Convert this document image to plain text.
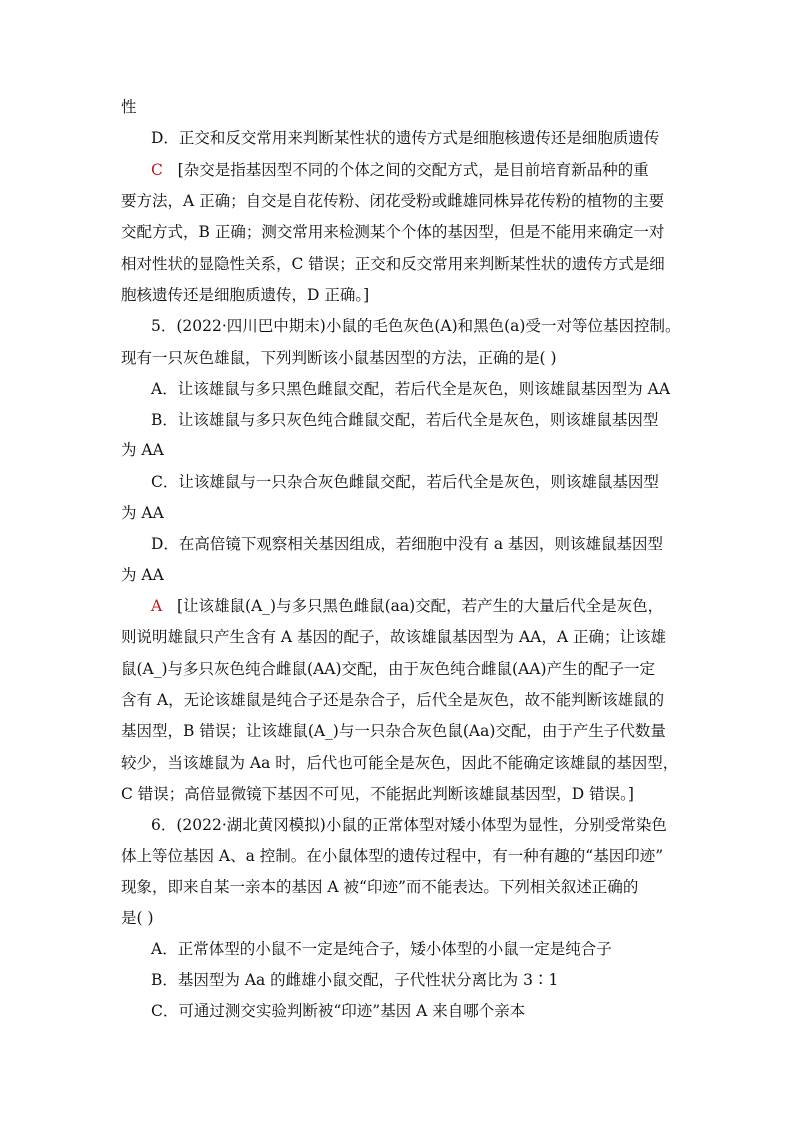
性
D．正交和反交常用来判断某性状的遗传方式是细胞核遗传还是细胞质遗传
C [杂交是指基因型不同的个体之间的交配方式，是目前培育新品种的重
要方法，A 正确；自交是自花传粉、闭花受粉或雌雄同株异花传粉的植物的主要
交配方式，B 正确；测交常用来检测某个个体的基因型，但是不能用来确定一对
相对性状的显隐性关系，C 错误；正交和反交常用来判断某性状的遗传方式是细
胞核遗传还是细胞质遗传，D 正确。]
5．(2022·四川巴中期末)小鼠的毛色灰色(A)和黑色(a)受一对等位基因控制。
现有一只灰色雄鼠，下列判断该小鼠基因型的方法，正确的是( )
A．让该雄鼠与多只黑色雌鼠交配，若后代全是灰色，则该雄鼠基因型为 AA
B．让该雄鼠与多只灰色纯合雌鼠交配，若后代全是灰色，则该雄鼠基因型
为 AA
C．让该雄鼠与一只杂合灰色雌鼠交配，若后代全是灰色，则该雄鼠基因型
为 AA
D．在高倍镜下观察相关基因组成，若细胞中没有 a 基因，则该雄鼠基因型
为 AA
A [让该雄鼠(A_)与多只黑色雌鼠(aa)交配，若产生的大量后代全是灰色，
则说明雄鼠只产生含有 A 基因的配子，故该雄鼠基因型为 AA，A 正确；让该雄
鼠(A_)与多只灰色纯合雌鼠(AA)交配，由于灰色纯合雌鼠(AA)产生的配子一定
含有 A，无论该雄鼠是纯合子还是杂合子，后代全是灰色，故不能判断该雄鼠的
基因型，B 错误；让该雄鼠(A_)与一只杂合灰色鼠(Aa)交配，由于产生子代数量
较少，当该雄鼠为 Aa 时，后代也可能全是灰色，因此不能确定该雄鼠的基因型，
C 错误；高倍显微镜下基因不可见，不能据此判断该雄鼠基因型，D 错误。]
6．(2022·湖北黄冈模拟)小鼠的正常体型对矮小体型为显性，分别受常染色
体上等位基因 A、a 控制。在小鼠体型的遗传过程中，有一种有趣的“基因印迹”
现象，即来自某一亲本的基因 A 被“印迹”而不能表达。下列相关叙述正确的
是( )
A．正常体型的小鼠不一定是纯合子，矮小体型的小鼠一定是纯合子
B．基因型为 Aa 的雌雄小鼠交配，子代性状分离比为 3∶1
C．可通过测交实验判断被“印迹”基因 A 来自哪个亲本
